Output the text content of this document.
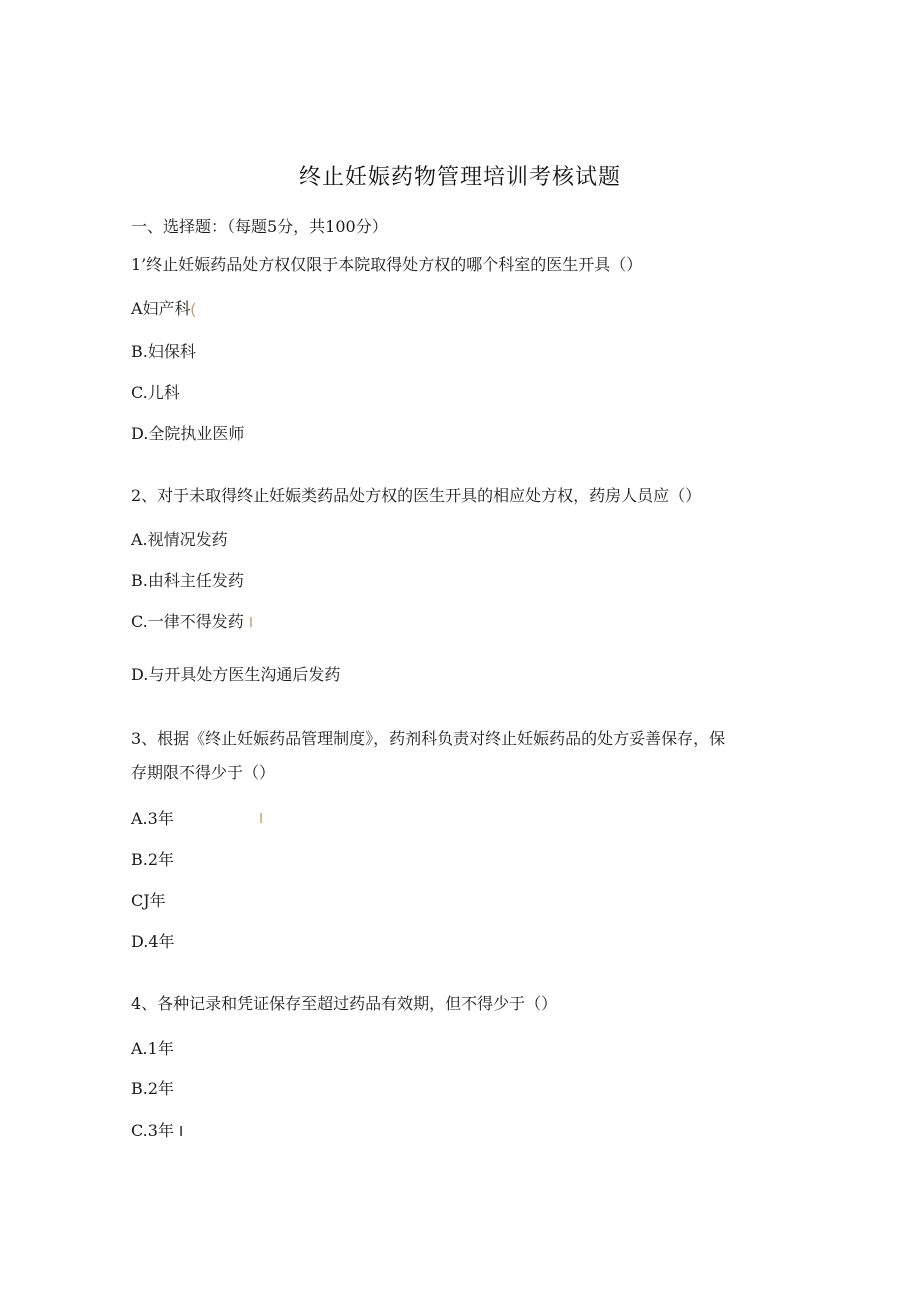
终止妊娠药物管理培训考核试题
一、选择题：（每题5分，共100分）
1’终止妊娠药品处方权仅限于本院取得处方权的哪个科室的医生开具（）
A妇产科(
B.妇保科
C.儿科
D.全院执业医师
2、对于未取得终止妊娠类药品处方权的医生开具的相应处方权，药房人员应（）
A.视情况发药
B.由科主任发药
C.一律不得发药 I
D.与开具处方医生沟通后发药
3、根据《终止妊娠药品管理制度》，药剂科负责对终止妊娠药品的处方妥善保存，保
存期限不得少于（）
A.3年	I
B.2年
CJ年
D.4年
4、各种记录和凭证保存至超过药品有效期，但不得少于（）
A.1年
B.2年
C.3年 I
